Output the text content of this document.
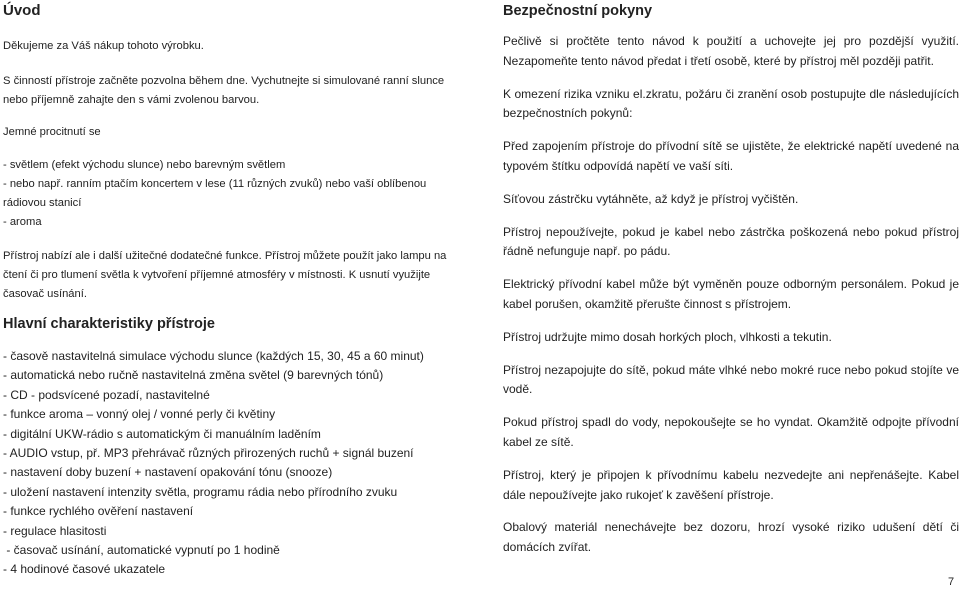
Úvod

Děkujeme za Váš nákup tohoto výrobku.

S činností přístroje začněte pozvolna během dne. Vychutnejte si simulované ranní slunce nebo příjemně zahajte den s vámi zvolenou barvou.

Jemné procitnutí se

- světlem (efekt východu slunce) nebo barevným světlem

- nebo např. ranním ptačím koncertem v lese (11 různých zvuků) nebo vaší oblíbenou rádiovou stanicí

- aroma

Přístroj nabízí ale i další užitečné dodatečné funkce. Přístroj můžete použít jako lampu na čtení či pro tlumení světla k vytvoření příjemné atmosféry v místnosti. K usnutí využijte časovač usínání.

Hlavní charakteristiky přístroje
- časově nastavitelná simulace východu slunce (každých 15, 30, 45 a 60 minut)
- automatická nebo ručně nastavitelná změna světel (9 barevných tónů)
- CD - podsvícené pozadí, nastavitelné
- funkce aroma – vonný olej / vonné perly či květiny
- digitální UKW-rádio s automatickým či manuálním laděním
- AUDIO vstup, př. MP3 přehrávač různých přirozených ruchů + signál buzení
- nastavení doby buzení + nastavení opakování tónu (snooze)
- uložení nastavení intenzity světla, programu rádia nebo přírodního zvuku
- funkce rychlého ověření nastavení
- regulace hlasitosti
- časovač usínání, automatické vypnutí po 1 hodině
- 4 hodinové časové ukazatele
Bezpečnostní pokyny

Pečlivě si pročtěte tento návod k použití a uchovejte jej pro pozdější využití. Nezapomeňte tento návod předat i třetí osobě, které by přístroj měl později patřit.

K omezení rizika vzniku el.zkratu, požáru či zranění osob postupujte dle následujících bezpečnostních pokynů:

Před zapojením přístroje do přívodní sítě se ujistěte, že elektrické napětí uvedené na typovém štítku odpovídá napětí ve vaší síti.

Síťovou zástrčku vytáhněte, až když je přístroj vyčištěn.

Přístroj nepoužívejte, pokud je kabel nebo zástrčka poškozená nebo pokud přístroj řádně nefunguje např. po pádu.

Elektrický přívodní kabel může být vyměněn pouze odborným personálem. Pokud je kabel porušen, okamžitě přerušte činnost s přístrojem.

Přístroj udržujte mimo dosah horkých ploch, vlhkosti a tekutin.

Přístroj nezapojujte do sítě, pokud máte vlhké nebo mokré ruce nebo pokud stojíte ve vodě.

Pokud přístroj spadl do vody, nepokoušejte se ho vyndat. Okamžitě odpojte přívodní kabel ze sítě.

Přístroj, který je připojen k přívodnímu kabelu nezvedejte ani nepřenášejte. Kabel dále nepoužívejte jako rukojeť k zavěšení přístroje.

Obalový materiál nenechávejte bez dozoru, hrozí vysoké riziko udušení dětí či domácích zvířat.

7
